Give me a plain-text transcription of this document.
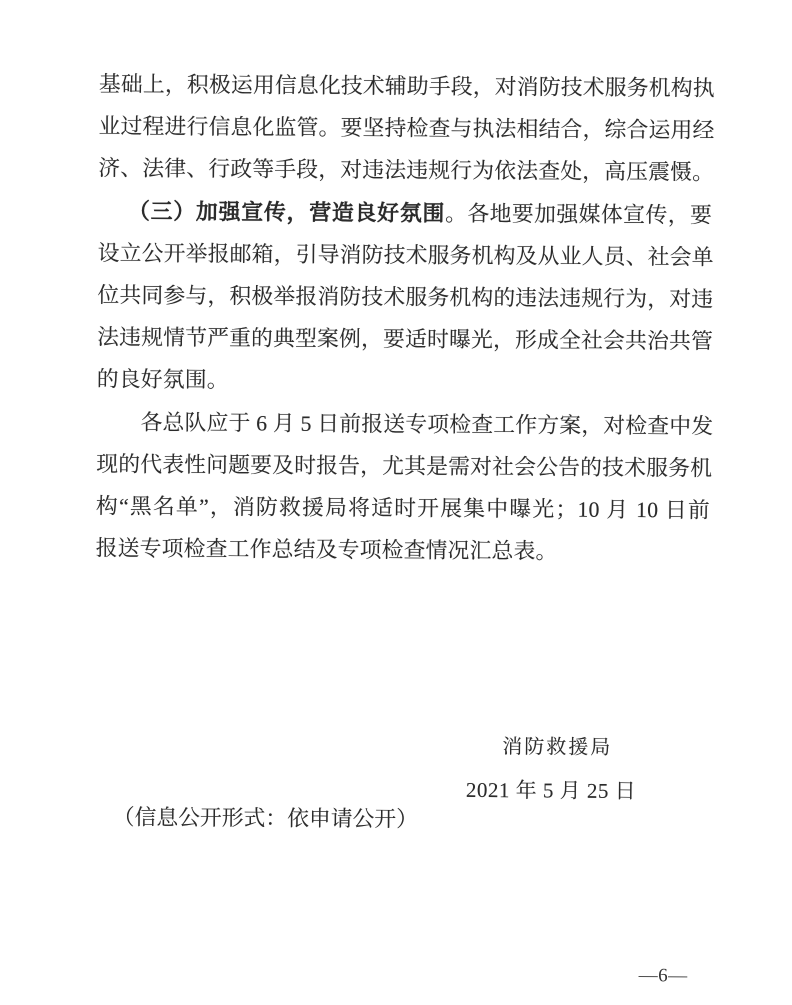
基础上，积极运用信息化技术辅助手段，对消防技术服务机构执
业过程进行信息化监管。要坚持检查与执法相结合，综合运用经
济、法律、行政等手段，对违法违规行为依法查处，高压震慑。
（三）加强宣传，营造良好氛围。各地要加强媒体宣传，要
设立公开举报邮箱，引导消防技术服务机构及从业人员、社会单
位共同参与，积极举报消防技术服务机构的违法违规行为，对违
法违规情节严重的典型案例，要适时曝光，形成全社会共治共管
的良好氛围。
各总队应于 6 月 5 日前报送专项检查工作方案，对检查中发
现的代表性问题要及时报告，尤其是需对社会公告的技术服务机
构“黑名单”，消防救援局将适时开展集中曝光；10 月 10 日前
报送专项检查工作总结及专项检查情况汇总表。
消防救援局
2021 年 5 月 25 日
（信息公开形式：依申请公开）
—6—
